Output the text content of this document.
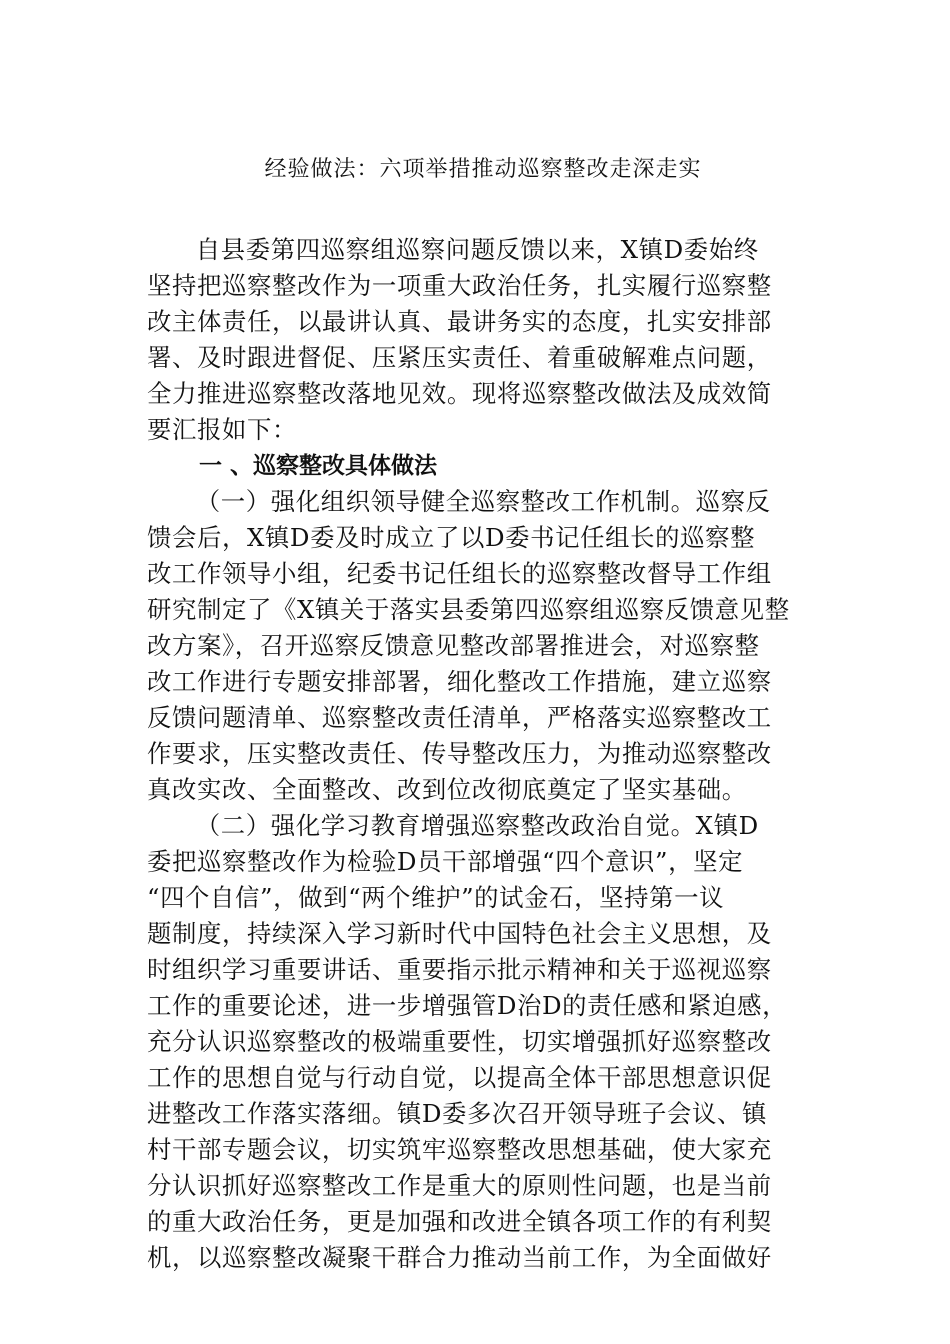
经验做法：六项举措推动巡察整改走深走实
自县委第四巡察组巡察问题反馈以来，X镇D委始终
坚持把巡察整改作为一项重大政治任务，扎实履行巡察整
改主体责任，以最讲认真、最讲务实的态度，扎实安排部
署、及时跟进督促、压紧压实责任、着重破解难点问题，
全力推进巡察整改落地见效。现将巡察整改做法及成效简
要汇报如下：
一 、巡察整改具体做法
（一）强化组织领导健全巡察整改工作机制。巡察反
馈会后，X镇D委及时成立了以D委书记任组长的巡察整
改工作领导小组，纪委书记任组长的巡察整改督导工作组
研究制定了《X镇关于落实县委第四巡察组巡察反馈意见整
改方案》，召开巡察反馈意见整改部署推进会，对巡察整
改工作进行专题安排部署，细化整改工作措施，建立巡察
反馈问题清单、巡察整改责任清单，严格落实巡察整改工
作要求，压实整改责任、传导整改压力，为推动巡察整改
真改实改、全面整改、改到位改彻底奠定了坚实基础。
（二）强化学习教育增强巡察整改政治自觉。X镇D
委把巡察整改作为检验D员干部增强“四个意识”，坚定
“四个自信”，做到“两个维护”的试金石，坚持第一议
题制度，持续深入学习新时代中国特色社会主义思想，及
时组织学习重要讲话、重要指示批示精神和关于巡视巡察
工作的重要论述，进一步增强管D治D的责任感和紧迫感，
充分认识巡察整改的极端重要性，切实增强抓好巡察整改
工作的思想自觉与行动自觉，以提高全体干部思想意识促
进整改工作落实落细。镇D委多次召开领导班子会议、镇
村干部专题会议，切实筑牢巡察整改思想基础，使大家充
分认识抓好巡察整改工作是重大的原则性问题，也是当前
的重大政治任务，更是加强和改进全镇各项工作的有利契
机，以巡察整改凝聚干群合力推动当前工作，为全面做好
